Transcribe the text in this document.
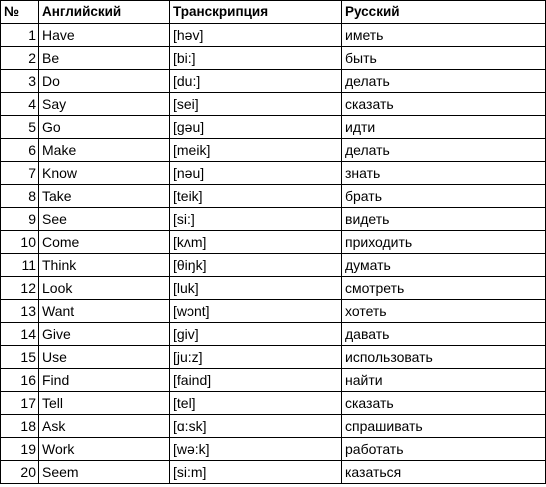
№	Английский	Транскрипция	Русский
1	Have	[həv]	иметь
2	Be	[bi:]	быть
3	Do	[du:]	делать
4	Say	[sei]	сказать
5	Go	[gəu]	идти
6	Make	[meik]	делать
7	Know	[nəu]	знать
8	Take	[teik]	брать
9	See	[si:]	видеть
10	Come	[kʌm]	приходить
11	Think	[θiŋk]	думать
12	Look	[luk]	смотреть
13	Want	[wɔnt]	хотеть
14	Give	[giv]	давать
15	Use	[ju:z]	использовать
16	Find	[faind]	найти
17	Tell	[tel]	сказать
18	Ask	[ɑ:sk]	спрашивать
19	Work	[wə:k]	работать
20	Seem	[si:m]	казаться
